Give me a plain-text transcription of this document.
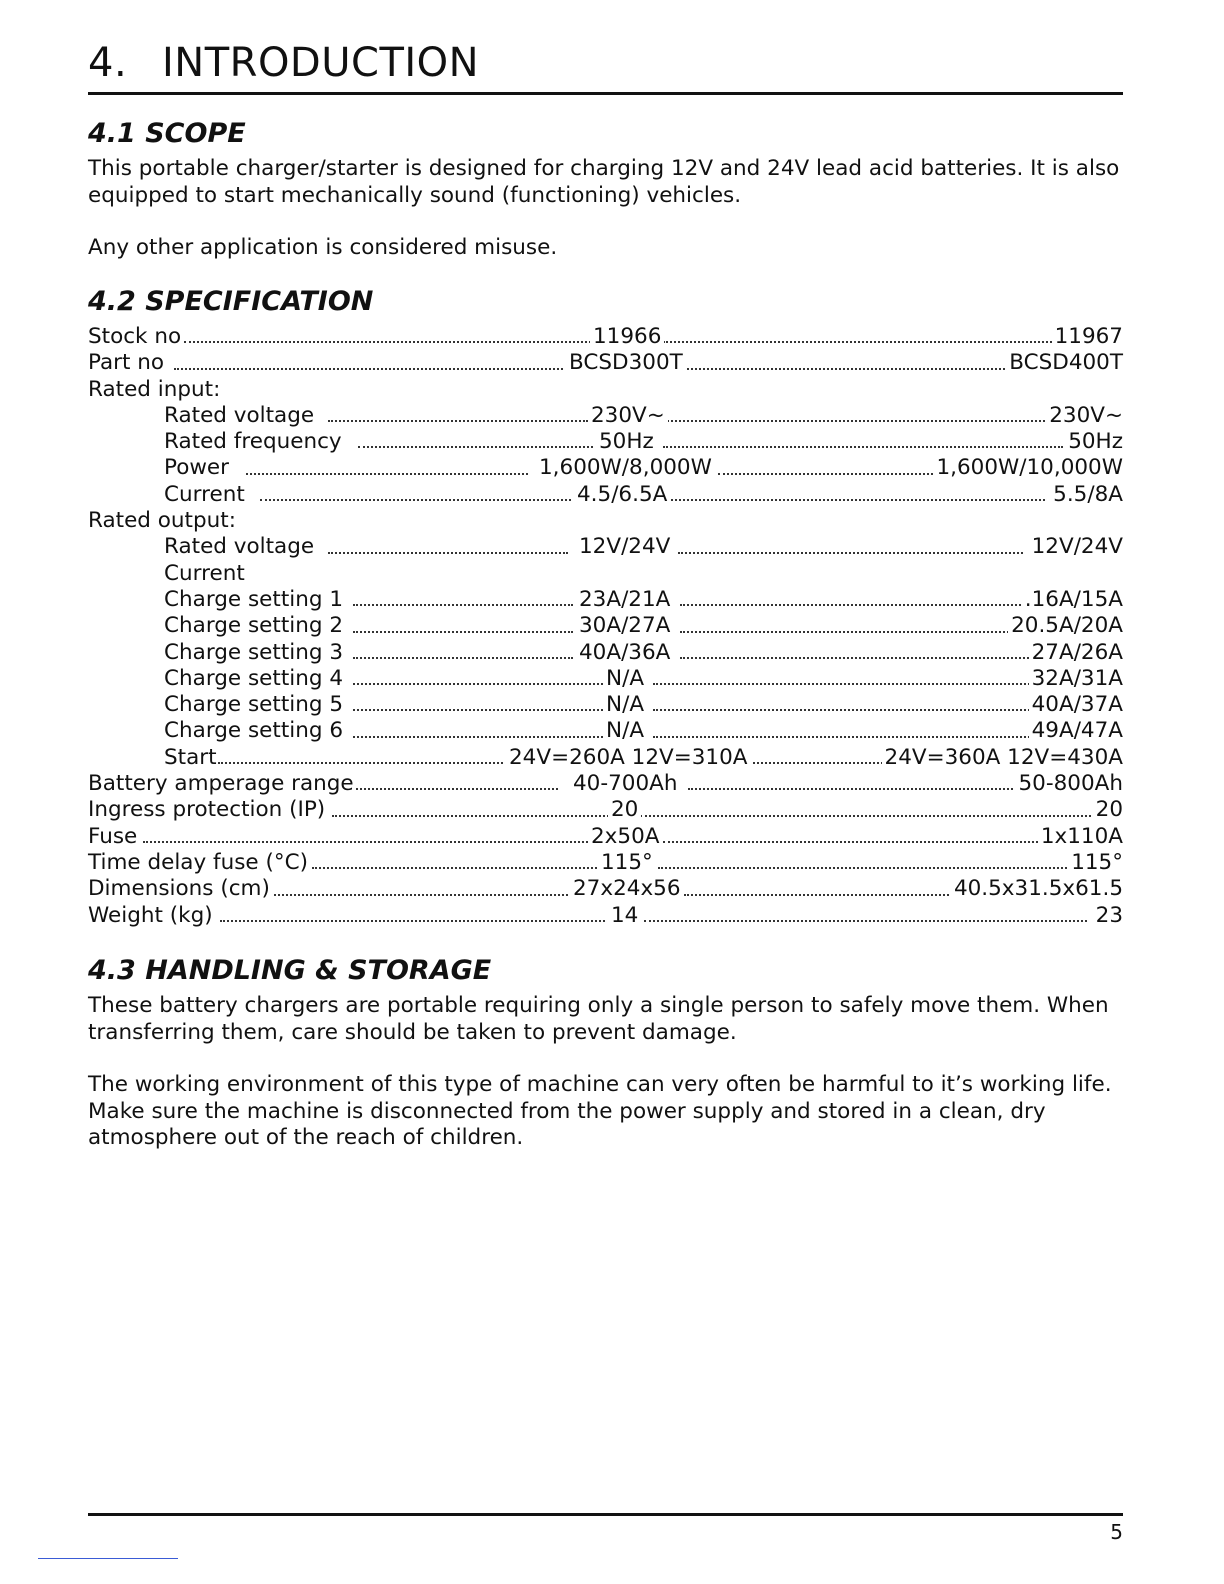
4. INTRODUCTION
4.1 SCOPE

This portable charger/starter is designed for charging 12V and 24V lead acid batteries. It is also equipped to start mechanically sound (functioning) vehicles.

Any other application is considered misuse.

4.2 SPECIFICATION
Stock no	11966	11967
Part no	BCSD300T	BCSD400T
Rated input:
Rated voltage	230V~	230V~
Rated frequency	50Hz	50Hz
Power	1,600W/8,000W	1,600W/10,000W
Current	4.5/6.5A	5.5/8A
Rated output:
Rated voltage	12V/24V	12V/24V
Current
Charge setting 1	23A/21A	.16A/15A
Charge setting 2	30A/27A	20.5A/20A
Charge setting 3	40A/36A	27A/26A
Charge setting 4	N/A	32A/31A
Charge setting 5	N/A	40A/37A
Charge setting 6	N/A	49A/47A
Start	24V=260A 12V=310A	24V=360A 12V=430A
Battery amperage range	40-700Ah	50-800Ah
Ingress protection (IP)	20	20
Fuse	2x50A	1x110A
Time delay fuse (°C)	115°	115°
Dimensions (cm)	27x24x56	40.5x31.5x61.5
Weight (kg)	14	23
4.3 HANDLING & STORAGE

These battery chargers are portable requiring only a single person to safely move them. When transferring them, care should be taken to prevent damage.

The working environment of this type of machine can very often be harmful to it’s working life. Make sure the machine is disconnected from the power supply and stored in a clean, dry atmosphere out of the reach of children.

5
